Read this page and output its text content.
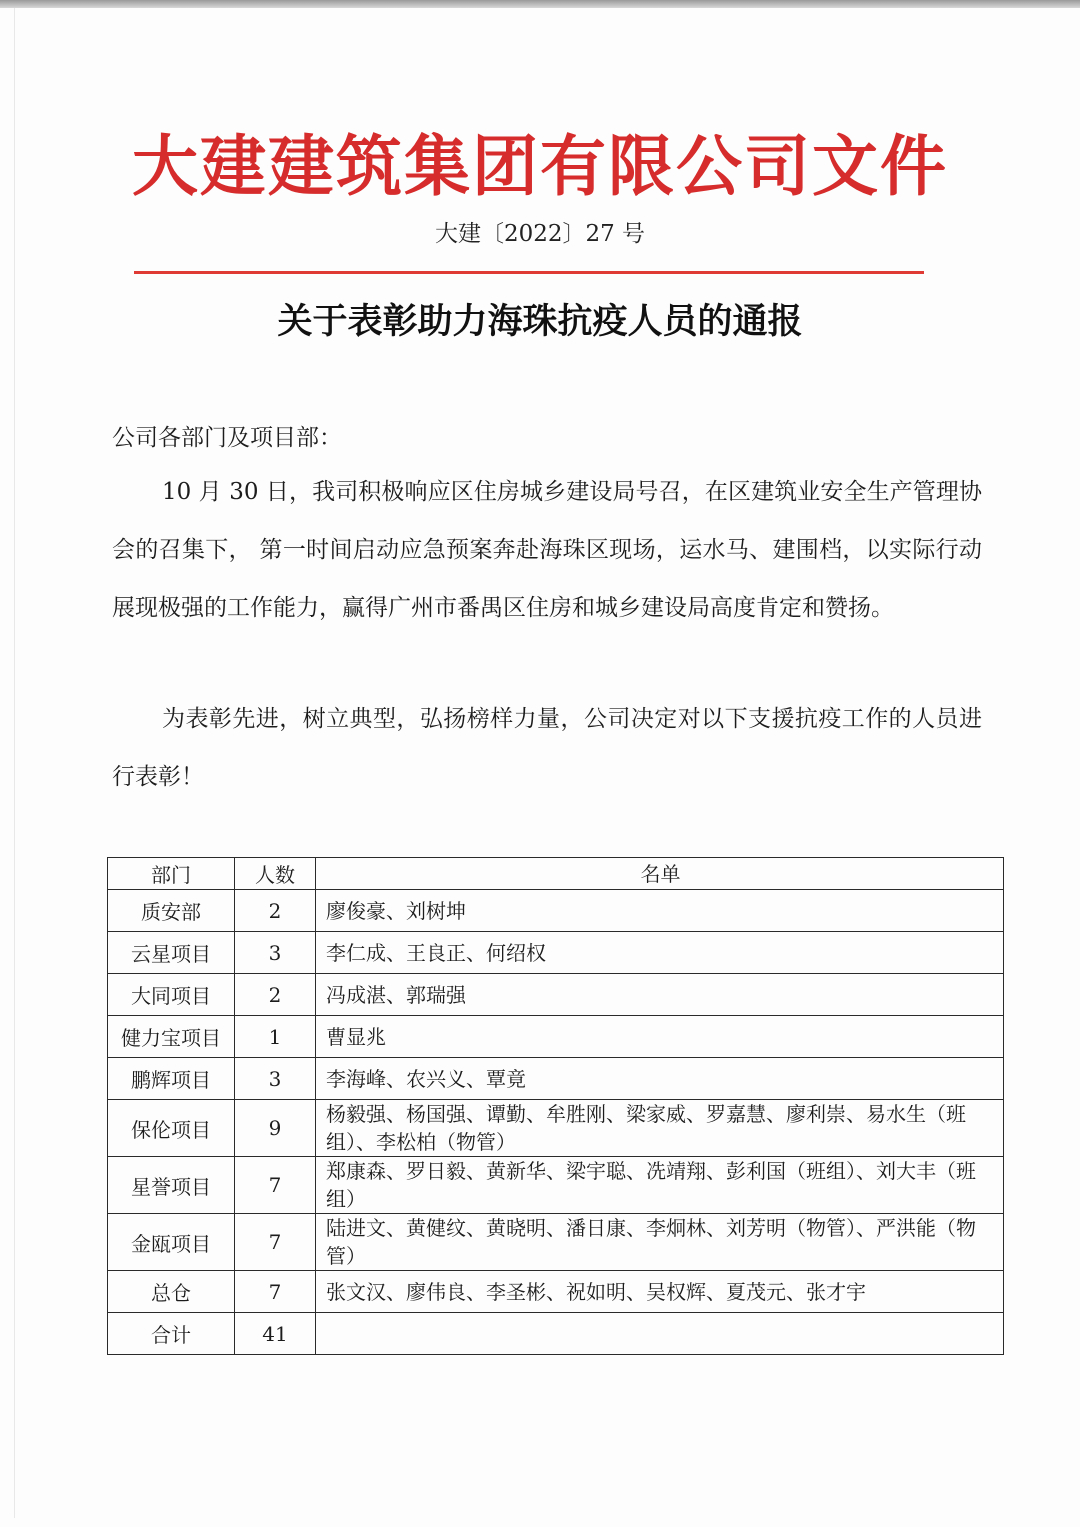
大建建筑集团有限公司文件
大建〔2022〕27 号
关于表彰助力海珠抗疫人员的通报
公司各部门及项目部：
10 月 30 日，我司积极响应区住房城乡建设局号召，在区建筑业安全生产管理协会的召集下， 第一时间启动应急预案奔赴海珠区现场，运水马、建围档，以实际行动展现极强的工作能力，赢得广州市番禺区住房和城乡建设局高度肯定和赞扬。
为表彰先进，树立典型，弘扬榜样力量，公司决定对以下支援抗疫工作的人员进行表彰！
部门	人数	名单
质安部	2	廖俊豪、刘树坤
云星项目	3	李仁成、王良正、何绍权
大同项目	2	冯成湛、郭瑞强
健力宝项目	1	曹显兆
鹏辉项目	3	李海峰、农兴义、覃竟
保伦项目	9	杨毅强、杨国强、谭勤、牟胜刚、梁家威、罗嘉慧、廖利崇、易水生（班组）、李松柏（物管）
星誉项目	7	郑康森、罗日毅、黄新华、梁宇聪、冼靖翔、彭利国（班组）、刘大丰（班组）
金瓯项目	7	陆进文、黄健纹、黄晓明、潘日康、李炯林、刘芳明（物管）、严洪能（物管）
总仓	7	张文汉、廖伟良、李圣彬、祝如明、吴权辉、夏茂元、张才宇
合计	41	
